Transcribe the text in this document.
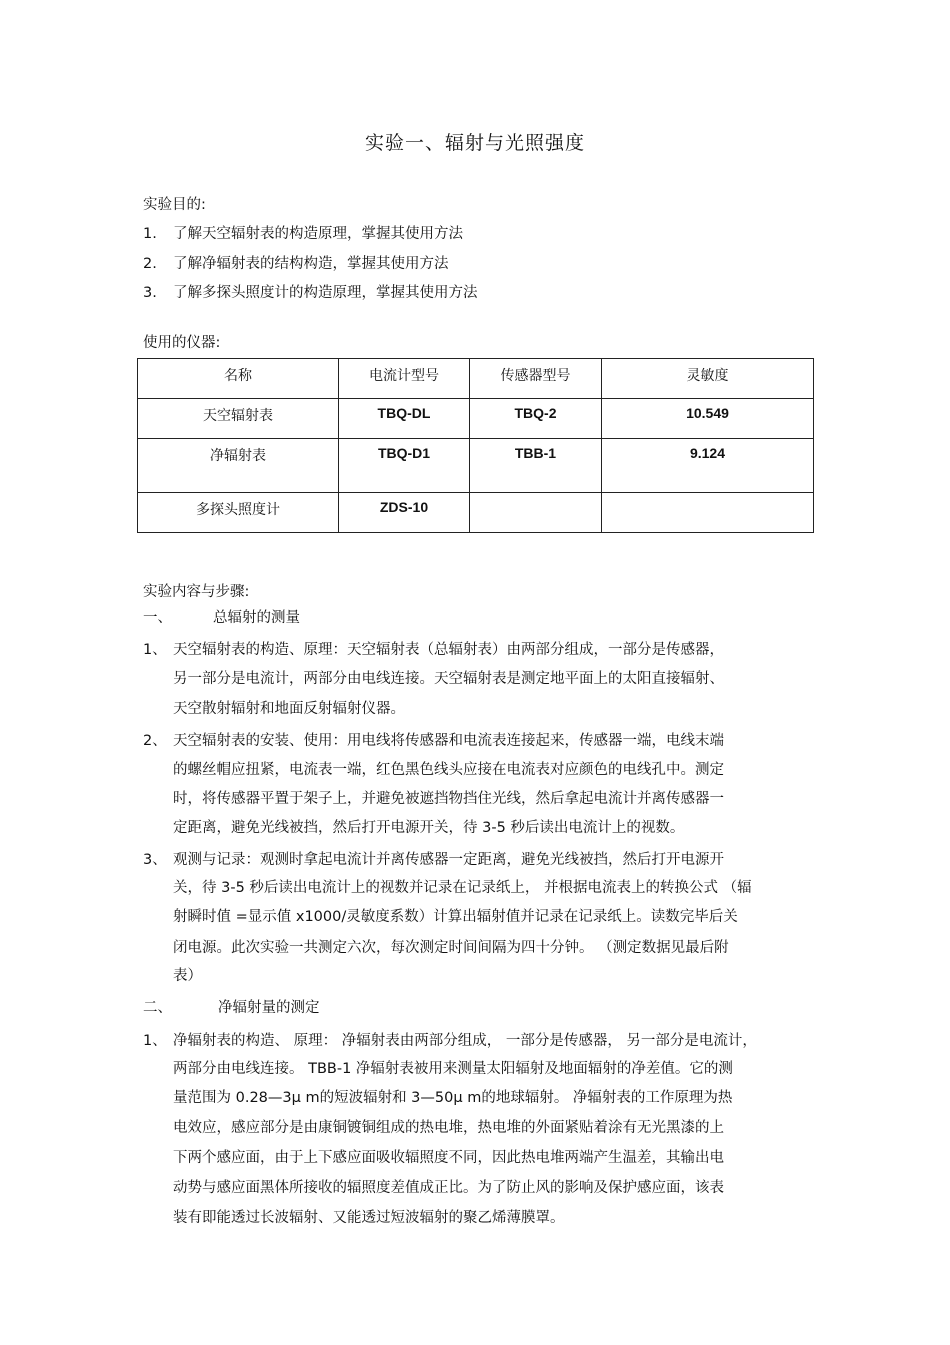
实验一、辐射与光照强度
实验目的:
1. 了解天空辐射表的构造原理，掌握其使用方法
2. 了解净辐射表的结构构造，掌握其使用方法
3. 了解多探头照度计的构造原理，掌握其使用方法
使用的仪器:
名称	电流计型号	传感器型号	灵敏度
天空辐射表	TBQ-DL	TBQ-2	10.549
净辐射表	TBQ-D1	TBB-1	9.124
多探头照度计	ZDS-10		
实验内容与步骤:
一、	总辐射的测量
1、 天空辐射表的构造、原理：天空辐射表（总辐射表）由两部分组成，一部分是传感器，
另一部分是电流计，两部分由电线连接。天空辐射表是测定地平面上的太阳直接辐射、
天空散射辐射和地面反射辐射仪器。
2、 天空辐射表的安装、使用：用电线将传感器和电流表连接起来，传感器一端，电线末端
的螺丝帽应扭紧，电流表一端，红色黑色线头应接在电流表对应颜色的电线孔中。测定
时，将传感器平置于架子上，并避免被遮挡物挡住光线，然后拿起电流计并离传感器一
定距离，避免光线被挡，然后打开电源开关，待 3-5 秒后读出电流计上的视数。
3、 观测与记录：观测时拿起电流计并离传感器一定距离，避免光线被挡，然后打开电源开
关，待 3-5 秒后读出电流计上的视数并记录在记录纸上， 并根据电流表上的转换公式 （辐
射瞬时值 =显示值 x1000/灵敏度系数）计算出辐射值并记录在记录纸上。读数完毕后关
闭电源。此次实验一共测定六次，每次测定时间间隔为四十分钟。 （测定数据见最后附
表）
二、	净辐射量的测定
1、 净辐射表的构造、 原理： 净辐射表由两部分组成， 一部分是传感器， 另一部分是电流计，
两部分由电线连接。 TBB-1 净辐射表被用来测量太阳辐射及地面辐射的净差值。它的测
量范围为 0.28—3μ m的短波辐射和 3—50μ m的地球辐射。 净辐射表的工作原理为热
电效应，感应部分是由康铜镀铜组成的热电堆，热电堆的外面紧贴着涂有无光黑漆的上
下两个感应面，由于上下感应面吸收辐照度不同，因此热电堆两端产生温差，其输出电
动势与感应面黑体所接收的辐照度差值成正比。为了防止风的影响及保护感应面，该表
装有即能透过长波辐射、又能透过短波辐射的聚乙烯薄膜罩。
